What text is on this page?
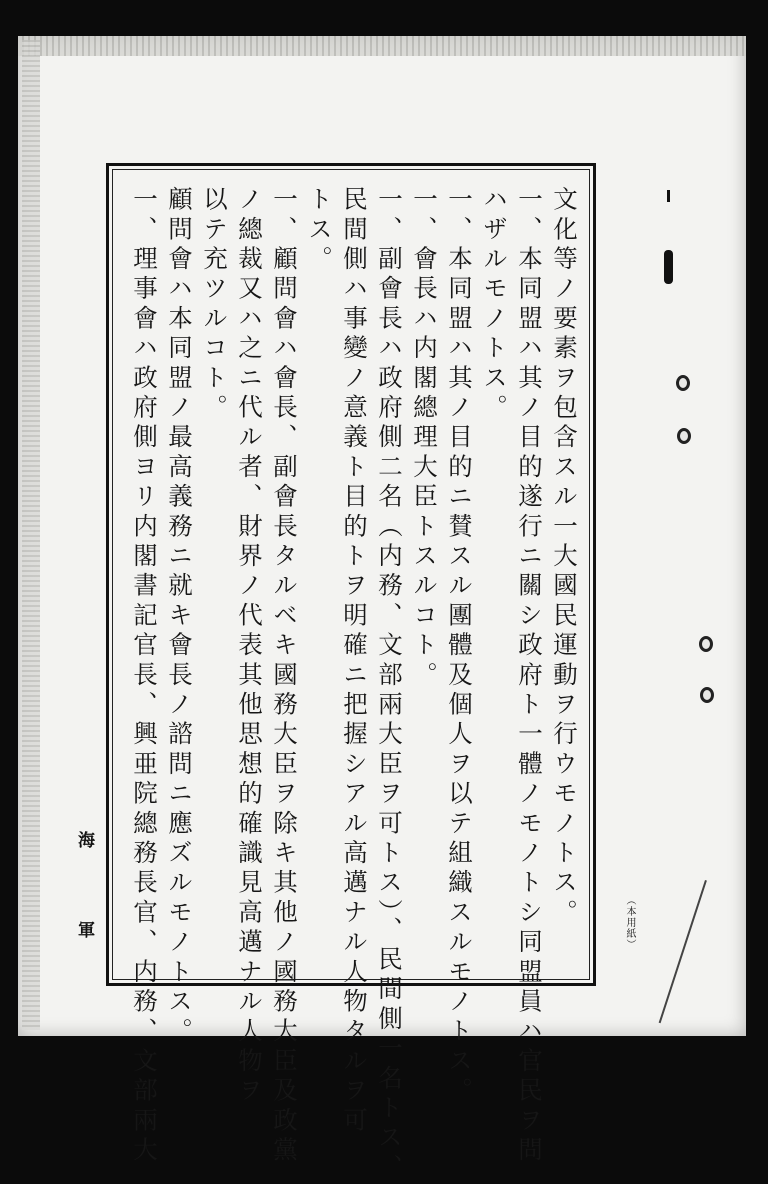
文化等ノ要素ヲ包含スル一大國民運動ヲ行ウモノトス。
一、本同盟ハ其ノ目的遂行ニ關シ政府ト一體ノモノトシ同盟員ハ官民ヲ問
ハザルモノトス。
一、本同盟ハ其ノ目的ニ賛スル團體及個人ヲ以テ組織スルモノトス。
一、會長ハ内閣總理大臣トスルコト。
一、副會長ハ政府側二名（内務、文部兩大臣ヲ可トス）、民間側一名トス、
民間側ハ事變ノ意義ト目的トヲ明確ニ把握シアル高邁ナル人物タルヲ可
トス。
一、顧問會ハ會長、副會長タルベキ國務大臣ヲ除キ其他ノ國務大臣及政黨
ノ總裁又ハ之ニ代ル者、財界ノ代表其他思想的確識見高邁ナル人物ヲ
以テ充ツルコト。
顧問會ハ本同盟ノ最高義務ニ就キ會長ノ諮問ニ應ズルモノトス。
一、理事會ハ政府側ヨリ内閣書記官長、興亜院總務長官、内務、文部兩大
海
軍	（本用紙）
